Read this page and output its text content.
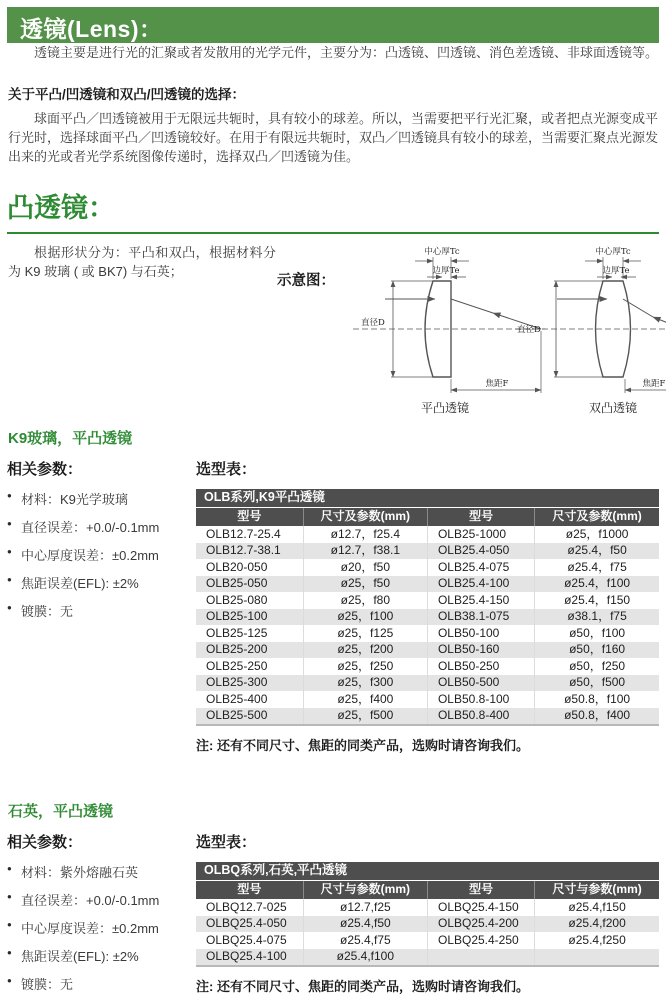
透镜(Lens)：

透镜主要是进行光的汇聚或者发散用的光学元件，主要分为：凸透镜、凹透镜、消色差透镜、非球面透镜等。

关于平凸/凹透镜和双凸/凹透镜的选择：

球面平凸／凹透镜被用于无限远共轭时，具有较小的球差。所以，当需要把平行光汇聚，或者把点光源变成平行光时，选择球面平凸／凹透镜较好。在用于有限远共轭时，双凸／凹透镜具有较小的球差，当需要汇聚点光源发出来的光或者光学系统图像传递时，选择双凸／凹透镜为佳。

凸透镜：

根据形状分为：平凸和双凸，根据材料分为 K9 玻璃 ( 或 BK7) 与石英；

示意图：
中心厚Tc
边厚Te
直径D
焦距F
平凸透镜
中心厚Tc
边厚Te
直径D
焦距F
双凸透镜
K9玻璃，平凸透镜
相关参数：
● 材料：K9光学玻璃
● 直径误差：+0.0/-0.1mm
● 中心厚度误差：±0.2mm
● 焦距误差(EFL): ±2%
● 镀膜：无
选型表：
OLB系列,K9平凸透镜			
型号	尺寸及参数(mm)	型号	尺寸及参数(mm)
OLB12.7-25.4	ø12.7，f25.4	OLB25-1000	ø25，f1000
OLB12.7-38.1	ø12.7，f38.1	OLB25.4-050	ø25.4，f50
OLB20-050	ø20，f50	OLB25.4-075	ø25.4，f75
OLB25-050	ø25，f50	OLB25.4-100	ø25.4，f100
OLB25-080	ø25，f80	OLB25.4-150	ø25.4，f150
OLB25-100	ø25，f100	OLB38.1-075	ø38.1，f75
OLB25-125	ø25，f125	OLB50-100	ø50，f100
OLB25-200	ø25，f200	OLB50-160	ø50，f160
OLB25-250	ø25，f250	OLB50-250	ø50，f250
OLB25-300	ø25，f300	OLB50-500	ø50，f500
OLB25-400	ø25，f400	OLB50.8-100	ø50.8，f100
OLB25-500	ø25，f500	OLB50.8-400	ø50.8，f400
注: 还有不同尺寸、焦距的同类产品，选购时请咨询我们。
石英，平凸透镜
相关参数：
● 材料：紫外熔融石英
● 直径误差：+0.0/-0.1mm
● 中心厚度误差：±0.2mm
● 焦距误差(EFL): ±2%
● 镀膜：无
选型表：
OLBQ系列,石英,平凸透镜			
型号	尺寸与参数(mm)	型号	尺寸与参数(mm)
OLBQ12.7-025	ø12.7,f25	OLBQ25.4-150	ø25.4,f150
OLBQ25.4-050	ø25.4,f50	OLBQ25.4-200	ø25.4,f200
OLBQ25.4-075	ø25.4,f75	OLBQ25.4-250	ø25.4,f250
OLBQ25.4-100	ø25.4,f100		
注: 还有不同尺寸、焦距的同类产品，选购时请咨询我们。
